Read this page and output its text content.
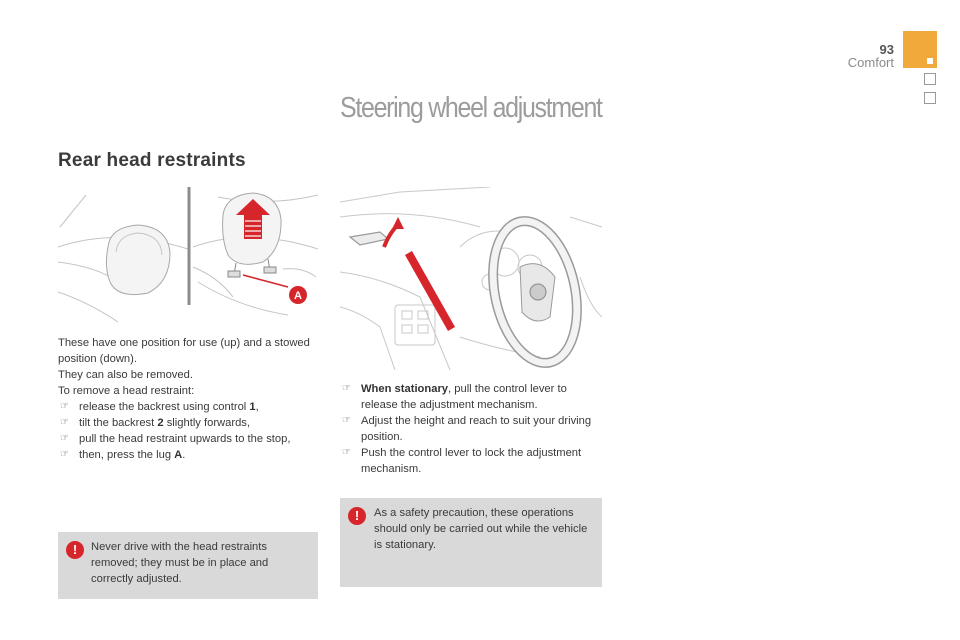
93
Comfort
Steering wheel adjustment
Rear head restraints
A

These have one position for use (up) and a stowed position (down).

They can also be removed.

To remove a head restraint:

☞ release the backrest using control 1,
☞ tilt the backrest 2 slightly forwards,
☞ pull the head restraint upwards to the stop,
☞ then, press the lug A.
☞ When stationary, pull the control lever to release the adjustment mechanism.
☞ Adjust the height and reach to suit your driving position.
☞ Push the control lever to lock the adjustment mechanism.
!	Never drive with the head restraints removed; they must be in place and correctly adjusted.
!	As a safety precaution, these operations should only be carried out while the vehicle is stationary.
